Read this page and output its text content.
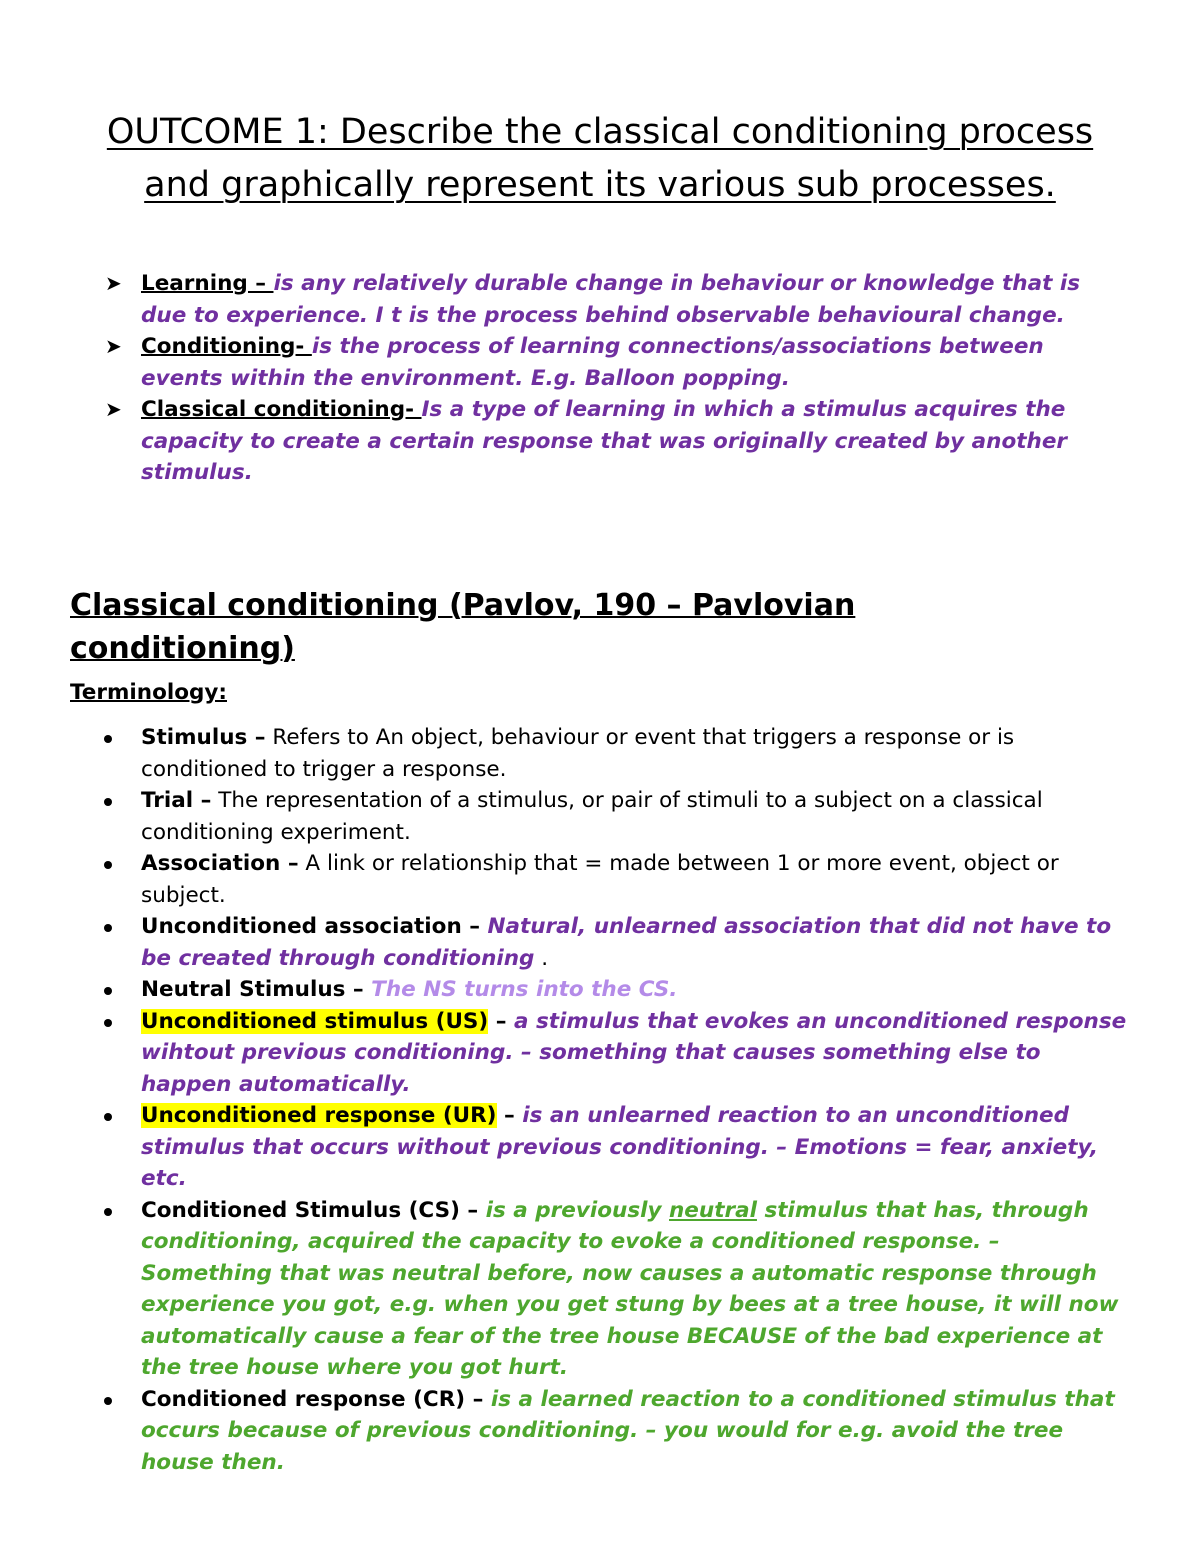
OUTCOME 1: Describe the classical conditioning process and graphically represent its various sub processes.
➤ Learning – is any relatively durable change in behaviour or knowledge that is due to experience. I t is the process behind observable behavioural change.
➤ Conditioning- is the process of learning connections/associations between events within the environment. E.g. Balloon popping.
➤ Classical conditioning- Is a type of learning in which a stimulus acquires the capacity to create a certain response that was originally created by another stimulus.
Classical conditioning (Pavlov, 190 – Pavlovian conditioning)
Terminology:
Stimulus – Refers to An object, behaviour or event that triggers a response or is conditioned to trigger a response.
Trial – The representation of a stimulus, or pair of stimuli to a subject on a classical conditioning experiment.
Association – A link or relationship that = made between 1 or more event, object or subject.
Unconditioned association – Natural, unlearned association that did not have to be created through conditioning .
Neutral Stimulus – The NS turns into the CS.
Unconditioned stimulus (US) – a stimulus that evokes an unconditioned response wihtout previous conditioning. – something that causes something else to happen automatically.
Unconditioned response (UR) – is an unlearned reaction to an unconditioned stimulus that occurs without previous conditioning. – Emotions = fear, anxiety, etc.
Conditioned Stimulus (CS) – is a previously neutral stimulus that has, through conditioning, acquired the capacity to evoke a conditioned response. – Something that was neutral before, now causes a automatic response through experience you got, e.g. when you get stung by bees at a tree house, it will now automatically cause a fear of the tree house BECAUSE of the bad experience at the tree house where you got hurt.
Conditioned response (CR) – is a learned reaction to a conditioned stimulus that occurs because of previous conditioning. – you would for e.g. avoid the tree house then.
